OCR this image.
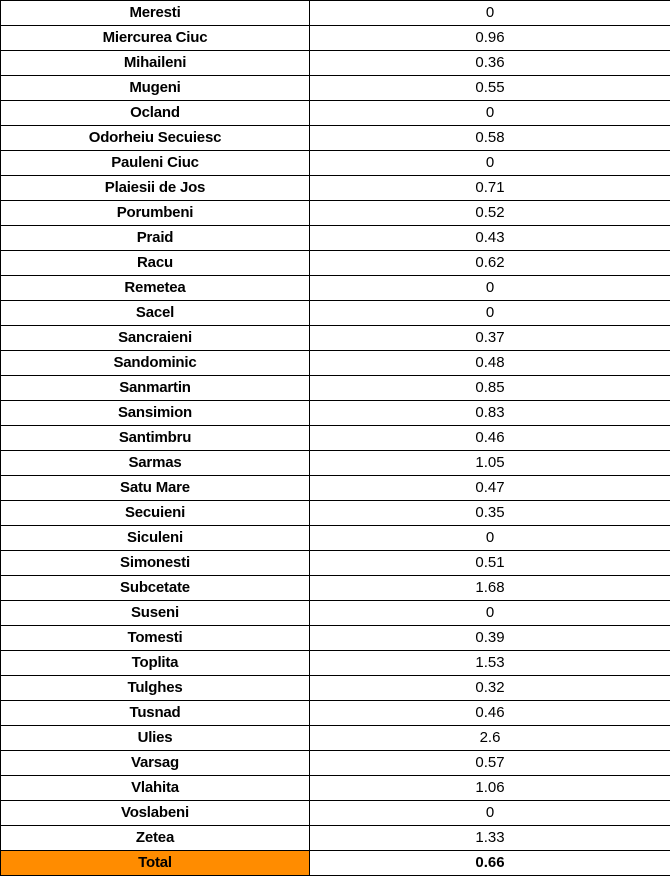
Meresti	0
Miercurea Ciuc	0.96
Mihaileni	0.36
Mugeni	0.55
Ocland	0
Odorheiu Secuiesc	0.58
Pauleni Ciuc	0
Plaiesii de Jos	0.71
Porumbeni	0.52
Praid	0.43
Racu	0.62
Remetea	0
Sacel	0
Sancraieni	0.37
Sandominic	0.48
Sanmartin	0.85
Sansimion	0.83
Santimbru	0.46
Sarmas	1.05
Satu Mare	0.47
Secuieni	0.35
Siculeni	0
Simonesti	0.51
Subcetate	1.68
Suseni	0
Tomesti	0.39
Toplita	1.53
Tulghes	0.32
Tusnad	0.46
Ulies	2.6
Varsag	0.57
Vlahita	1.06
Voslabeni	0
Zetea	1.33
Total	0.66
